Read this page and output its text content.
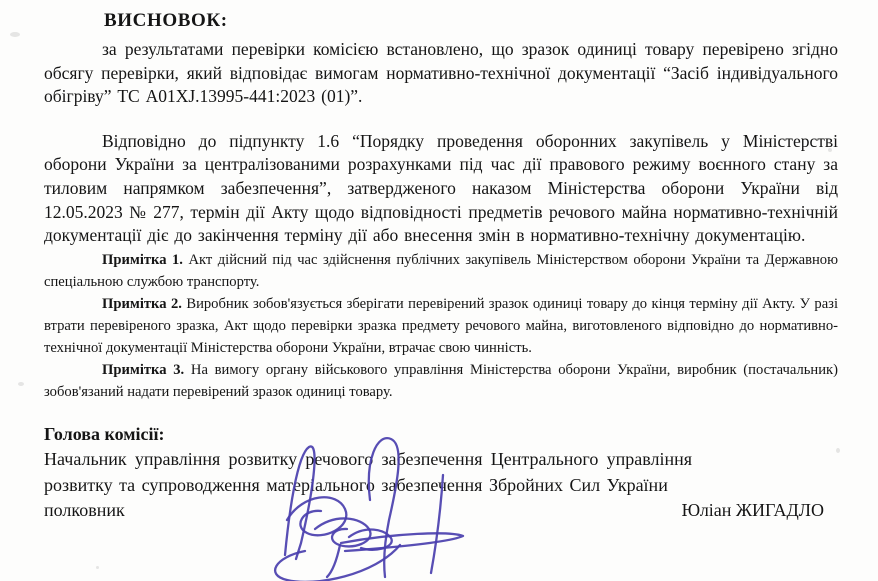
ВИСНОВОК:

за результатами перевірки комісією встановлено, що зразок одиниці товару перевірено згідно обсягу перевірки, який відповідає вимогам нормативно-технічної документації “Засіб індивідуального обігріву” ТС А01XJ.13995-441:2023 (01)”.

Відповідно до підпункту 1.6 “Порядку проведення оборонних закупівель у Міністерстві оборони України за централізованими розрахунками під час дії правового режиму воєнного стану за тиловим напрямком забезпечення”, затвердженого наказом Міністерства оборони України від 12.05.2023 № 277, термін дії Акту щодо відповідності предметів речового майна нормативно-технічній документації діє до закінчення терміну дії або внесення змін в нормативно-технічну документацію.

Примітка 1. Акт дійсний під час здійснення публічних закупівель Міністерством оборони України та Державною спеціальною службою транспорту.

Примітка 2. Виробник зобов'язується зберігати перевірений зразок одиниці товару до кінця терміну дії Акту. У разі втрати перевіреного зразка, Акт щодо перевірки зразка предмету речового майна, виготовленого відповідно до нормативно-технічної документації Міністерства оборони України, втрачає свою чинність.

Примітка 3. На вимогу органу військового управління Міністерства оборони України, виробник (постачальник) зобов'язаний надати перевірений зразок одиниці товару.

Голова комісії:

Начальник управління розвитку речового забезпечення Центрального управління розвитку та супроводження матеріального забезпечення Збройних Сил України

полковник	Юліан ЖИГАДЛО
